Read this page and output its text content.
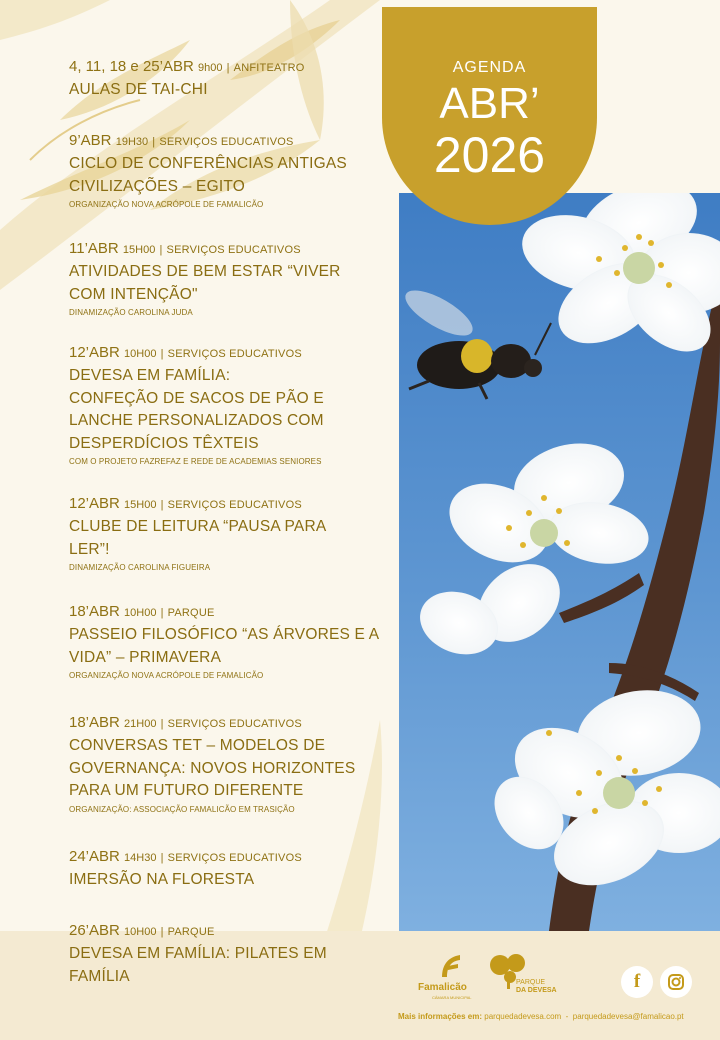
AGENDA
ABR’
2026
4, 11, 18 e 25’ABR 9h00 | ANFITEATRO
AULAS DE TAI-CHI
9’ABR 19H30 | SERVIÇOS EDUCATIVOS
CICLO DE CONFERÊNCIAS ANTIGAS
CIVILIZAÇÕES – EGITO
ORGANIZAÇÃO NOVA ACRÓPOLE DE FAMALICÃO
11’ABR 15H00 | SERVIÇOS EDUCATIVOS
ATIVIDADES DE BEM ESTAR “VIVER
COM INTENÇÃO"
DINAMIZAÇÃO CAROLINA JUDA
12’ABR 10H00 | SERVIÇOS EDUCATIVOS
DEVESA EM FAMÍLIA:
CONFEÇÃO DE SACOS DE PÃO E
LANCHE PERSONALIZADOS COM
DESPERDÍCIOS TÊXTEIS
COM O PROJETO FAZREFAZ E REDE DE ACADEMIAS SENIORES
12’ABR 15H00 | SERVIÇOS EDUCATIVOS
CLUBE DE LEITURA “PAUSA PARA
LER”!
DINAMIZAÇÃO CAROLINA FIGUEIRA
18’ABR 10H00 | PARQUE
PASSEIO FILOSÓFICO “AS ÁRVORES E A
VIDA” – PRIMAVERA
ORGANIZAÇÃO NOVA ACRÓPOLE DE FAMALICÃO
18’ABR 21H00 | SERVIÇOS EDUCATIVOS
CONVERSAS TET – MODELOS DE
GOVERNANÇA: NOVOS HORIZONTES
PARA UM FUTURO DIFERENTE
ORGANIZAÇÃO: ASSOCIAÇÃO FAMALICÃO EM TRASIÇÃO
24’ABR 14H30 | SERVIÇOS EDUCATIVOS
IMERSÃO NA FLORESTA
26’ABR 10H00 | PARQUE
DEVESA EM FAMÍLIA: PILATES EM
FAMÍLIA
Famalicão
CÂMARA MUNICIPAL
PARQUE
DA DEVESA	f
Mais informações em: parquedadevesa.com - parquedadevesa@famalicao.pt
